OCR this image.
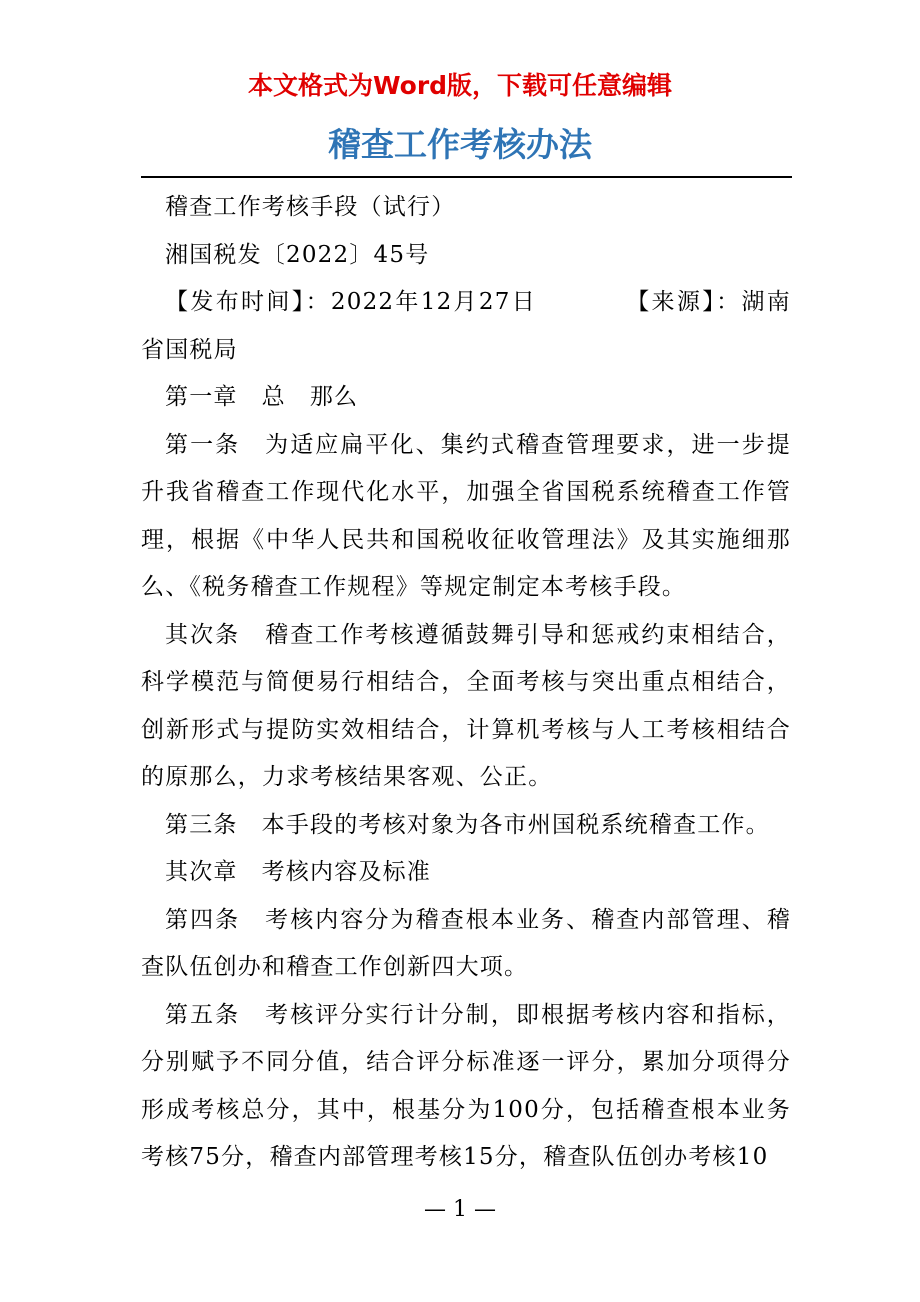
本文格式为Word版，下载可任意编辑
稽查工作考核办法

稽查工作考核手段（试行）

湘国税发〔2022〕45号

【发布时间】：2022年12月27日	【来源】：湖南省国税局

第一章 总 那么

第一条 为适应扁平化、集约式稽查管理要求，进一步提升我省稽查工作现代化水平，加强全省国税系统稽查工作管理，根据《中华人民共和国税收征收管理法》及其实施细那么、《税务稽查工作规程》等规定制定本考核手段。

其次条 稽查工作考核遵循鼓舞引导和惩戒约束相结合，科学模范与简便易行相结合，全面考核与突出重点相结合，创新形式与提防实效相结合，计算机考核与人工考核相结合的原那么，力求考核结果客观、公正。

第三条 本手段的考核对象为各市州国税系统稽查工作。

其次章 考核内容及标准

第四条 考核内容分为稽查根本业务、稽查内部管理、稽查队伍创办和稽查工作创新四大项。

第五条 考核评分实行计分制，即根据考核内容和指标，分别赋予不同分值，结合评分标准逐一评分，累加分项得分形成考核总分，其中，根基分为100分，包括稽查根本业务考核75分，稽查内部管理考核15分，稽查队伍创办考核10

— 1 —
